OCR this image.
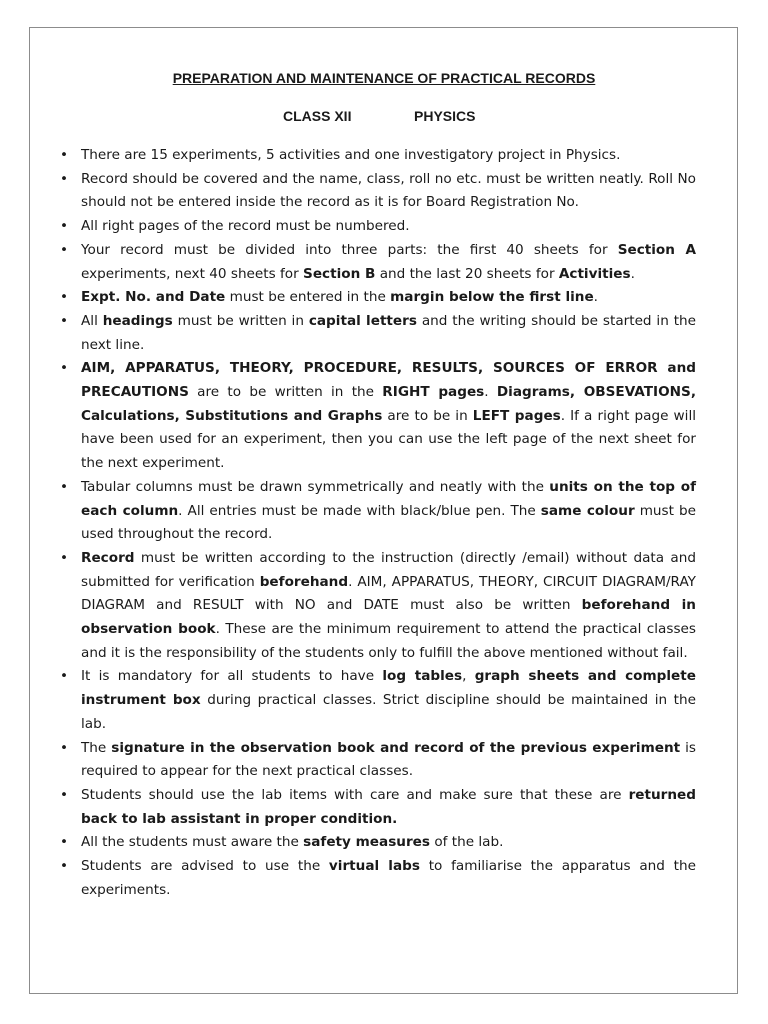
PREPARATION AND MAINTENANCE OF PRACTICAL RECORDS
CLASS XII	PHYSICS
• There are 15 experiments, 5 activities and one investigatory project in Physics.
• Record should be covered and the name, class, roll no etc. must be written neatly. Roll No should not be entered inside the record as it is for Board Registration No.
• All right pages of the record must be numbered.
• Your record must be divided into three parts: the first 40 sheets for Section A experiments, next 40 sheets for Section B and the last 20 sheets for Activities.
• Expt. No. and Date must be entered in the margin below the first line.
• All headings must be written in capital letters and the writing should be started in the next line.
• AIM, APPARATUS, THEORY, PROCEDURE, RESULTS, SOURCES OF ERROR and PRECAUTIONS are to be written in the RIGHT pages. Diagrams, OBSEVATIONS, Calculations, Substitutions and Graphs are to be in LEFT pages. If a right page will have been used for an experiment, then you can use the left page of the next sheet for the next experiment.
• Tabular columns must be drawn symmetrically and neatly with the units on the top of each column. All entries must be made with black/blue pen. The same colour must be used throughout the record.
• Record must be written according to the instruction (directly /email) without data and submitted for verification beforehand. AIM, APPARATUS, THEORY, CIRCUIT DIAGRAM/RAY DIAGRAM and RESULT with NO and DATE must also be written beforehand in observation book. These are the minimum requirement to attend the practical classes and it is the responsibility of the students only to fulfill the above mentioned without fail.
• It is mandatory for all students to have log tables, graph sheets and complete instrument box during practical classes. Strict discipline should be maintained in the lab.
• The signature in the observation book and record of the previous experiment is required to appear for the next practical classes.
• Students should use the lab items with care and make sure that these are returned back to lab assistant in proper condition.
• All the students must aware the safety measures of the lab.
• Students are advised to use the virtual labs to familiarise the apparatus and the experiments.
